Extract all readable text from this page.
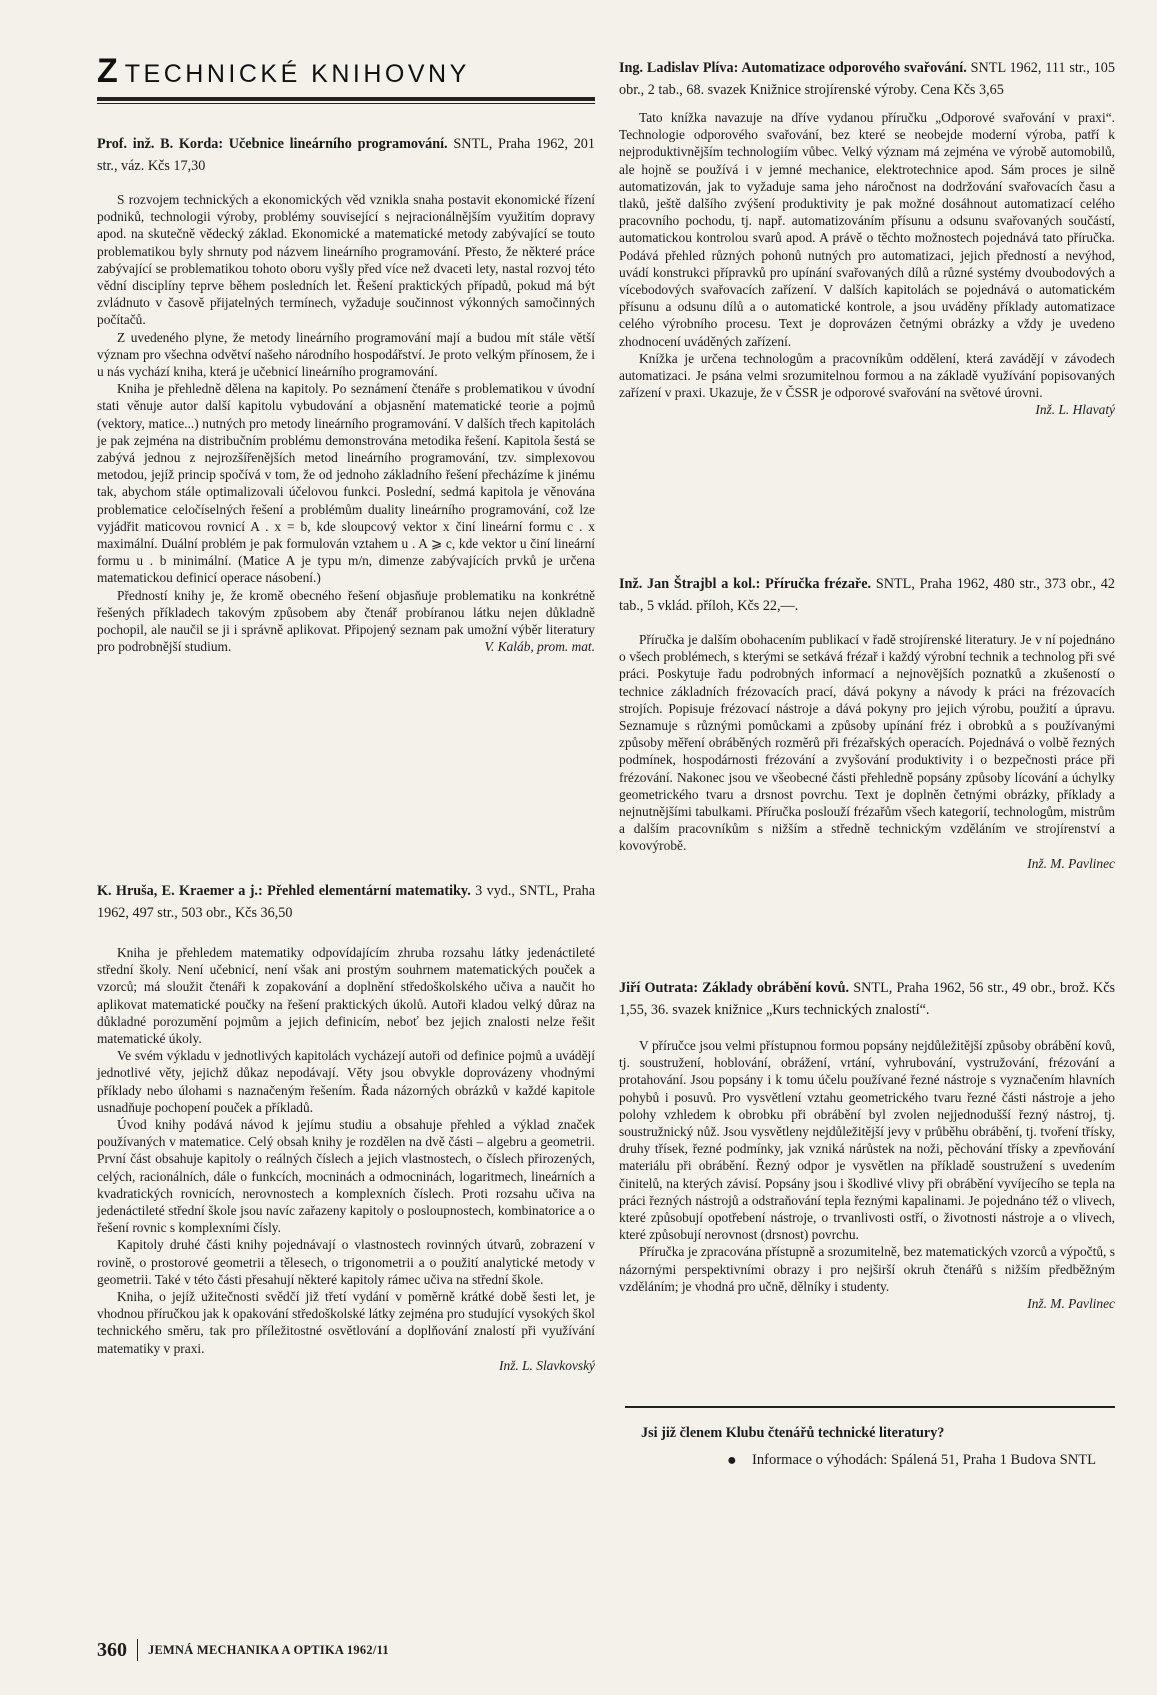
Z TECHNICKÉ KNIHOVNY

Prof. inž. B. Korda: Učebnice lineárního programování. SNTL, Praha 1962, 201 str., váz. Kčs 17,30

S rozvojem technických a ekonomických věd vznikla snaha postavit ekonomické řízení podniků, technologii výroby, problémy související s nejracionálnějším využitím dopravy apod. na skutečně vědecký základ. Ekonomické a matematické metody zabývající se touto problematikou byly shrnuty pod názvem lineárního programování. Přesto, že některé práce zabývající se problematikou tohoto oboru vyšly před více než dvaceti lety, nastal rozvoj této vědní disciplíny teprve během posledních let. Řešení praktických případů, pokud má být zvládnuto v časově přijatelných termínech, vyžaduje součinnost výkonných samočinných počítačů.

Z uvedeného plyne, že metody lineárního programování mají a budou mít stále větší význam pro všechna odvětví našeho národního hospodářství. Je proto velkým přínosem, že i u nás vychází kniha, která je učebnicí lineárního programování.

Kniha je přehledně dělena na kapitoly. Po seznámení čtenáře s problematikou v úvodní stati věnuje autor další kapitolu vybudování a objasnění matematické teorie a pojmů (vektory, matice...) nutných pro metody lineárního programování. V dalších třech kapitolách je pak zejména na distribučním problému demonstrována metodika řešení. Kapitola šestá se zabývá jednou z nejrozšířenějších metod lineárního programování, tzv. simplexovou metodou, jejíž princip spočívá v tom, že od jednoho základního řešení přecházíme k jinému tak, abychom stále optimalizovali účelovou funkci. Poslední, sedmá kapitola je věnována problematice celočíselných řešení a problémům duality lineárního programování, což lze vyjádřit maticovou rovnicí A . x = b, kde sloupcový vektor x činí lineární formu c . x maximální. Duální problém je pak formulován vztahem u . A ⩾ c, kde vektor u činí lineární formu u . b minimální. (Matice A je typu m/n, dimenze zabývajících prvků je určena matematickou definicí operace násobení.)

Předností knihy je, že kromě obecného řešení objasňuje problematiku na konkrétně řešených příkladech takovým způsobem aby čtenář probíranou látku nejen důkladně pochopil, ale naučil se ji i správně aplikovat. Připojený seznam pak umožní výběr literatury pro podrobnější studium.	V. Kaláb, prom. mat.

K. Hruša, E. Kraemer a j.: Přehled elementární matematiky. 3 vyd., SNTL, Praha 1962, 497 str., 503 obr., Kčs 36,50

Kniha je přehledem matematiky odpovídajícím zhruba rozsahu látky jedenáctileté střední školy. Není učebnicí, není však ani prostým souhrnem matematických pouček a vzorců; má sloužit čtenáři k zopakování a doplnění středoškolského učiva a naučit ho aplikovat matematické poučky na řešení praktických úkolů. Autoři kladou velký důraz na důkladné porozumění pojmům a jejich definicím, neboť bez jejich znalosti nelze řešit matematické úkoly.

Ve svém výkladu v jednotlivých kapitolách vycházejí autoři od definice pojmů a uvádějí jednotlivé věty, jejichž důkaz nepodávají. Věty jsou obvykle doprovázeny vhodnými příklady nebo úlohami s naznačeným řešením. Řada názorných obrázků v každé kapitole usnadňuje pochopení pouček a příkladů.

Úvod knihy podává návod k jejímu studiu a obsahuje přehled a výklad značek používaných v matematice. Celý obsah knihy je rozdělen na dvě části – algebru a geometrii. První část obsahuje kapitoly o reálných číslech a jejich vlastnostech, o číslech přirozených, celých, racionálních, dále o funkcích, mocninách a odmocninách, logaritmech, lineárních a kvadratických rovnicích, nerovnostech a komplexních číslech. Proti rozsahu učiva na jedenáctileté střední škole jsou navíc zařazeny kapitoly o posloupnostech, kombinatorice a o řešení rovnic s komplexními čísly.

Kapitoly druhé části knihy pojednávají o vlastnostech rovinných útvarů, zobrazení v rovině, o prostorové geometrii a tělesech, o trigonometrii a o použití analytické metody v geometrii. Také v této části přesahují některé kapitoly rámec učiva na střední škole.

Kniha, o jejíž užitečnosti svědčí již třetí vydání v poměrně krátké době šesti let, je vhodnou příručkou jak k opakování středoškolské látky zejména pro studující vysokých škol technického směru, tak pro příležitostné osvětlování a doplňování znalostí při využívání matematiky v praxi.

Inž. L. Slavkovský

Ing. Ladislav Plíva: Automatizace odporového svařování. SNTL 1962, 111 str., 105 obr., 2 tab., 68. svazek Knižnice strojírenské výroby. Cena Kčs 3,65

Tato knížka navazuje na dříve vydanou příručku „Odporové svařování v praxi“. Technologie odporového svařování, bez které se neobejde moderní výroba, patří k nejproduktivnějším technologiím vůbec. Velký význam má zejména ve výrobě automobilů, ale hojně se používá i v jemné mechanice, elektrotechnice apod. Sám proces je silně automatizován, jak to vyžaduje sama jeho náročnost na dodržování svařovacích času a tlaků, ještě dalšího zvýšení produktivity je pak možné dosáhnout automatizací celého pracovního pochodu, tj. např. automatizováním přísunu a odsunu svařovaných součástí, automatickou kontrolou svarů apod. A právě o těchto možnostech pojednává tato příručka. Podává přehled různých pohonů nutných pro automatizaci, jejich předností a nevýhod, uvádí konstrukci přípravků pro upínání svařovaných dílů a různé systémy dvoubodových a vícebodových svařovacích zařízení. V dalších kapitolách se pojednává o automatickém přísunu a odsunu dílů a o automatické kontrole, a jsou uváděny příklady automatizace celého výrobního procesu. Text je doprovázen četnými obrázky a vždy je uvedeno zhodnocení uváděných zařízení.

Knížka je určena technologům a pracovníkům oddělení, která zavádějí v závodech automatizaci. Je psána velmi srozumitelnou formou a na základě využívání popisovaných zařízení v praxi. Ukazuje, že v ČSSR je odporové svařování na světové úrovni.

Inž. L. Hlavatý

Inž. Jan Štrajbl a kol.: Příručka frézaře. SNTL, Praha 1962, 480 str., 373 obr., 42 tab., 5 vklád. příloh, Kčs 22,—.

Příručka je dalším obohacením publikací v řadě strojírenské literatury. Je v ní pojednáno o všech problémech, s kterými se setkává frézař i každý výrobní technik a technolog při své práci. Poskytuje řadu podrobných informací a nejnovějších poznatků a zkušeností o technice základních frézovacích prací, dává pokyny a návody k práci na frézovacích strojích. Popisuje frézovací nástroje a dává pokyny pro jejich výrobu, použití a úpravu. Seznamuje s různými pomůckami a způsoby upínání fréz i obrobků a s používanými způsoby měření obráběných rozměrů při frézařských operacích. Pojednává o volbě řezných podmínek, hospodárnosti frézování a zvyšování produktivity i o bezpečnosti práce při frézování. Nakonec jsou ve všeobecné části přehledně popsány způsoby lícování a úchylky geometrického tvaru a drsnost povrchu. Text je doplněn četnými obrázky, příklady a nejnutnějšími tabulkami. Příručka poslouží frézařům všech kategorií, technologům, mistrům a dalším pracovníkům s nižším a středně technickým vzděláním ve strojírenství a kovovýrobě.

Inž. M. Pavlinec

Jiří Outrata: Základy obrábění kovů. SNTL, Praha 1962, 56 str., 49 obr., brož. Kčs 1,55, 36. svazek knižnice „Kurs technických znalostí“.

V příručce jsou velmi přístupnou formou popsány nejdůležitější způsoby obrábění kovů, tj. soustružení, hoblování, obrážení, vrtání, vyhrubování, vystružování, frézování a protahování. Jsou popsány i k tomu účelu používané řezné nástroje s vyznačením hlavních pohybů i posuvů. Pro vysvětlení vztahu geometrického tvaru řezné části nástroje a jeho polohy vzhledem k obrobku při obrábění byl zvolen nejjednodušší řezný nástroj, tj. soustružnický nůž. Jsou vysvětleny nejdůležitější jevy v průběhu obrábění, tj. tvoření třísky, druhy třísek, řezné podmínky, jak vzniká nárůstek na noži, pěchování třísky a zpevňování materiálu při obrábění. Řezný odpor je vysvětlen na příkladě soustružení s uvedením činitelů, na kterých závisí. Popsány jsou i škodlivé vlivy při obrábění vyvíjecího se tepla na práci řezných nástrojů a odstraňování tepla řeznými kapalinami. Je pojednáno též o vlivech, které způsobují opotřebení nástroje, o trvanlivosti ostří, o životnosti nástroje a o vlivech, které způsobují nerovnost (drsnost) povrchu.

Příručka je zpracována přístupně a srozumitelně, bez matematických vzorců a výpočtů, s názornými perspektivními obrazy i pro nejširší okruh čtenářů s nižším předběžným vzděláním; je vhodná pro učně, dělníky i studenty.

Inž. M. Pavlinec

Jsi již členem Klubu čtenářů technické literatury?

●	Informace o výhodách: Spálená 51, Praha 1 Budova SNTL

360 JEMNÁ MECHANIKA A OPTIKA 1962/11
